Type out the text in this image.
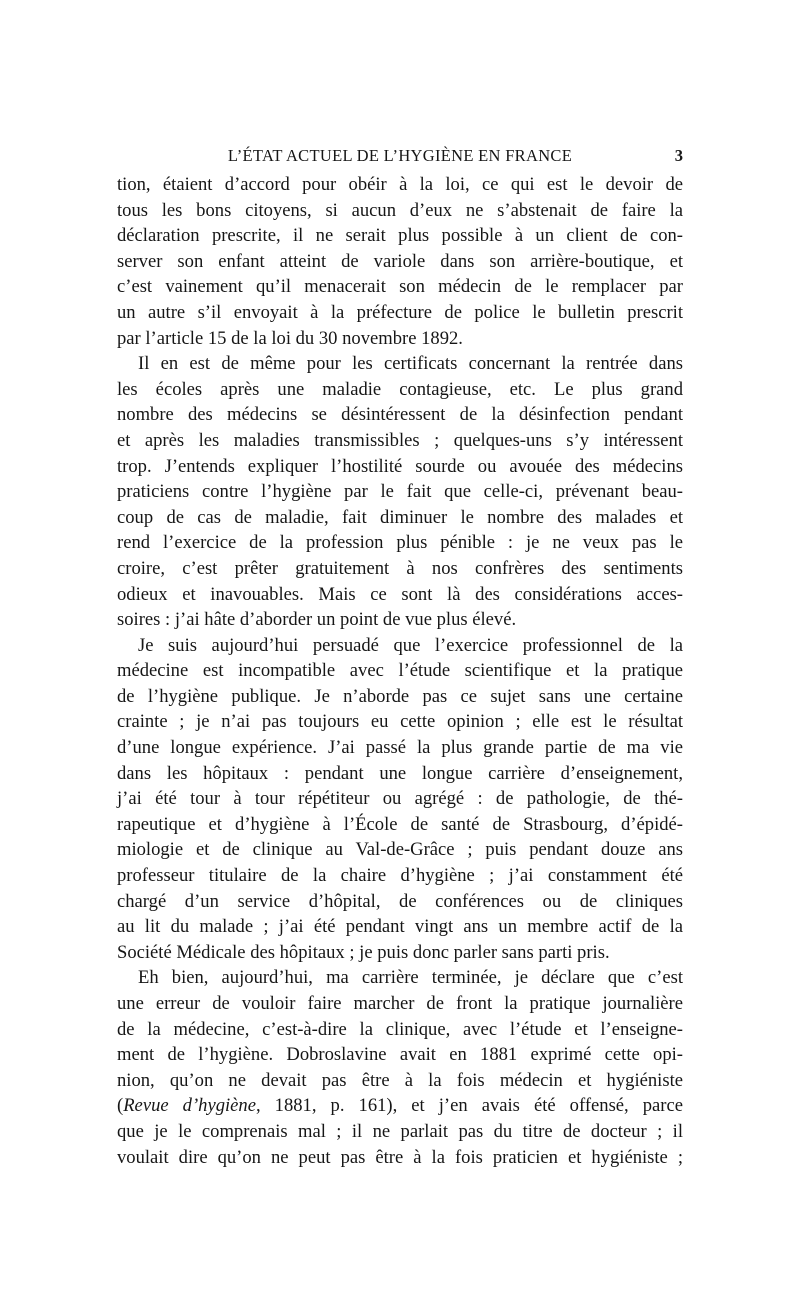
L’ÉTAT ACTUEL DE L’HYGIÈNE EN FRANCE	3
tion, étaient d’accord pour obéir à la loi, ce qui est le devoir de
tous les bons citoyens, si aucun d’eux ne s’abstenait de faire la
déclaration prescrite, il ne serait plus possible à un client de con-
server son enfant atteint de variole dans son arrière-boutique, et
c’est vainement qu’il menacerait son médecin de le remplacer par
un autre s’il envoyait à la préfecture de police le bulletin prescrit
par l’article 15 de la loi du 30 novembre 1892.
Il en est de même pour les certificats concernant la rentrée dans
les écoles après une maladie contagieuse, etc. Le plus grand
nombre des médecins se désintéressent de la désinfection pendant
et après les maladies transmissibles ; quelques-uns s’y intéressent
trop. J’entends expliquer l’hostilité sourde ou avouée des médecins
praticiens contre l’hygiène par le fait que celle-ci, prévenant beau-
coup de cas de maladie, fait diminuer le nombre des malades et
rend l’exercice de la profession plus pénible : je ne veux pas le
croire, c’est prêter gratuitement à nos confrères des sentiments
odieux et inavouables. Mais ce sont là des considérations acces-
soires : j’ai hâte d’aborder un point de vue plus élevé.
Je suis aujourd’hui persuadé que l’exercice professionnel de la
médecine est incompatible avec l’étude scientifique et la pratique
de l’hygiène publique. Je n’aborde pas ce sujet sans une certaine
crainte ; je n’ai pas toujours eu cette opinion ; elle est le résultat
d’une longue expérience. J’ai passé la plus grande partie de ma vie
dans les hôpitaux : pendant une longue carrière d’enseignement,
j’ai été tour à tour répétiteur ou agrégé : de pathologie, de thé-
rapeutique et d’hygiène à l’École de santé de Strasbourg, d’épidé-
miologie et de clinique au Val-de-Grâce ; puis pendant douze ans
professeur titulaire de la chaire d’hygiène ; j’ai constamment été
chargé d’un service d’hôpital, de conférences ou de cliniques
au lit du malade ; j’ai été pendant vingt ans un membre actif de la
Société Médicale des hôpitaux ; je puis donc parler sans parti pris.
Eh bien, aujourd’hui, ma carrière terminée, je déclare que c’est
une erreur de vouloir faire marcher de front la pratique journalière
de la médecine, c’est-à-dire la clinique, avec l’étude et l’enseigne-
ment de l’hygiène. Dobroslavine avait en 1881 exprimé cette opi-
nion, qu’on ne devait pas être à la fois médecin et hygiéniste
(Revue d’hygiène, 1881, p. 161), et j’en avais été offensé, parce
que je le comprenais mal ; il ne parlait pas du titre de docteur ; il
voulait dire qu’on ne peut pas être à la fois praticien et hygiéniste ;
